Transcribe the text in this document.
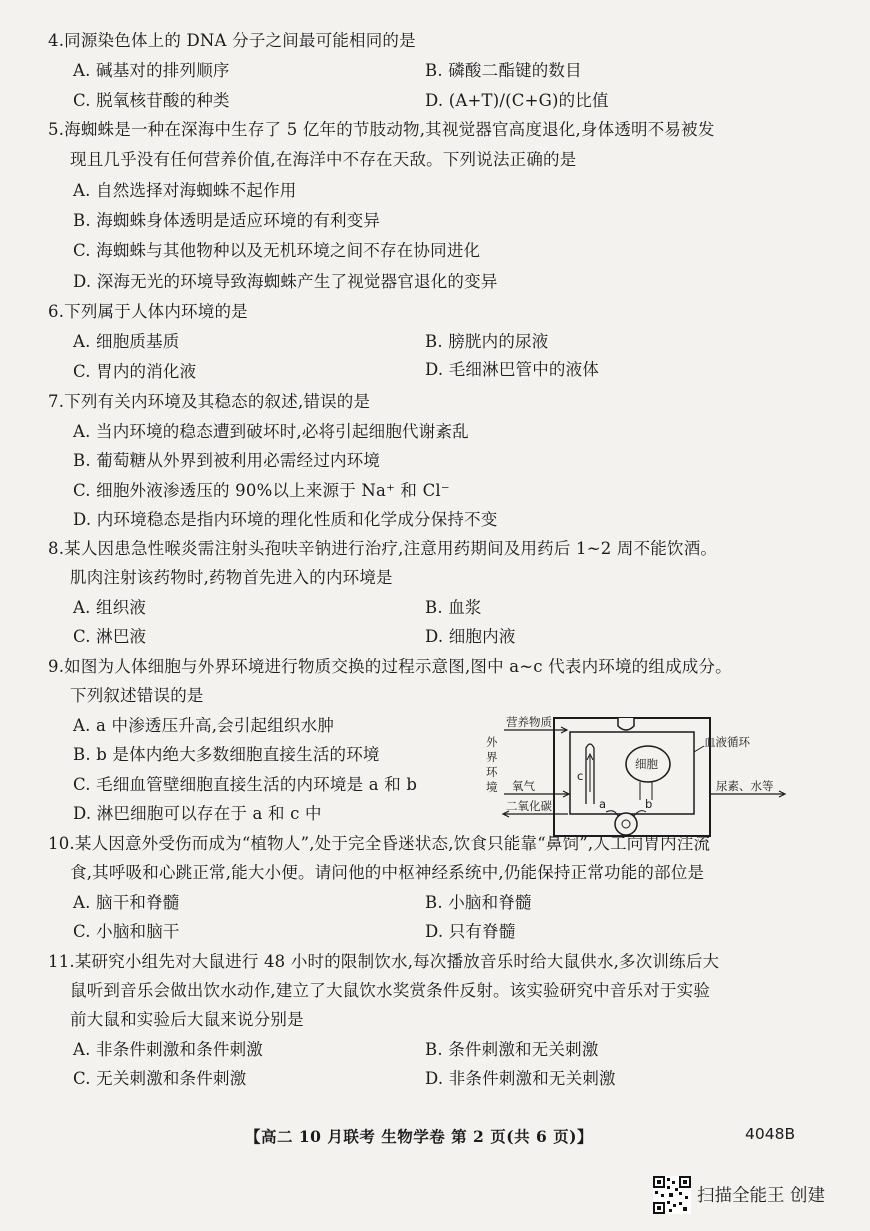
4.同源染色体上的 DNA 分子之间最可能相同的是
A. 碱基对的排列顺序	B. 磷酸二酯键的数目
C. 脱氧核苷酸的种类	D. (A+T)/(C+G)的比值
5.海蜘蛛是一种在深海中生存了 5 亿年的节肢动物,其视觉器官高度退化,身体透明不易被发
现且几乎没有任何营养价值,在海洋中不存在天敌。下列说法正确的是
A. 自然选择对海蜘蛛不起作用
B. 海蜘蛛身体透明是适应环境的有利变异
C. 海蜘蛛与其他物种以及无机环境之间不存在协同进化
D. 深海无光的环境导致海蜘蛛产生了视觉器官退化的变异
6.下列属于人体内环境的是
A. 细胞质基质	B. 膀胱内的尿液
C. 胃内的消化液	D. 毛细淋巴管中的液体
7.下列有关内环境及其稳态的叙述,错误的是
A. 当内环境的稳态遭到破坏时,必将引起细胞代谢紊乱
B. 葡萄糖从外界到被利用必需经过内环境
C. 细胞外液渗透压的 90%以上来源于 Na⁺ 和 Cl⁻
D. 内环境稳态是指内环境的理化性质和化学成分保持不变
8.某人因患急性喉炎需注射头孢呋辛钠进行治疗,注意用药期间及用药后 1~2 周不能饮酒。
肌肉注射该药物时,药物首先进入的内环境是
A. 组织液	B. 血浆
C. 淋巴液	D. 细胞内液
9.如图为人体细胞与外界环境进行物质交换的过程示意图,图中 a~c 代表内环境的组成成分。
下列叙述错误的是
A. a 中渗透压升高,会引起组织水肿
B. b 是体内绝大多数细胞直接生活的环境
C. 毛细血管壁细胞直接生活的内环境是 a 和 b
D. 淋巴细胞可以存在于 a 和 c 中
细胞
c
a	b
营养物质
外
界
环
境 氧气
二氧化碳
血液循环
尿素、水等
10.某人因意外受伤而成为“植物人”,处于完全昏迷状态,饮食只能靠“鼻饲”,人工向胃内注流
食,其呼吸和心跳正常,能大小便。请问他的中枢神经系统中,仍能保持正常功能的部位是
A. 脑干和脊髓	B. 小脑和脊髓
C. 小脑和脑干	D. 只有脊髓
11.某研究小组先对大鼠进行 48 小时的限制饮水,每次播放音乐时给大鼠供水,多次训练后大
鼠听到音乐会做出饮水动作,建立了大鼠饮水奖赏条件反射。该实验研究中音乐对于实验
前大鼠和实验后大鼠来说分别是
A. 非条件刺激和条件刺激	B. 条件刺激和无关刺激
C. 无关刺激和条件刺激	D. 非条件刺激和无关刺激
【高二 10 月联考 生物学卷 第 2 页(共 6 页)】	4048B
扫描全能王 创建
